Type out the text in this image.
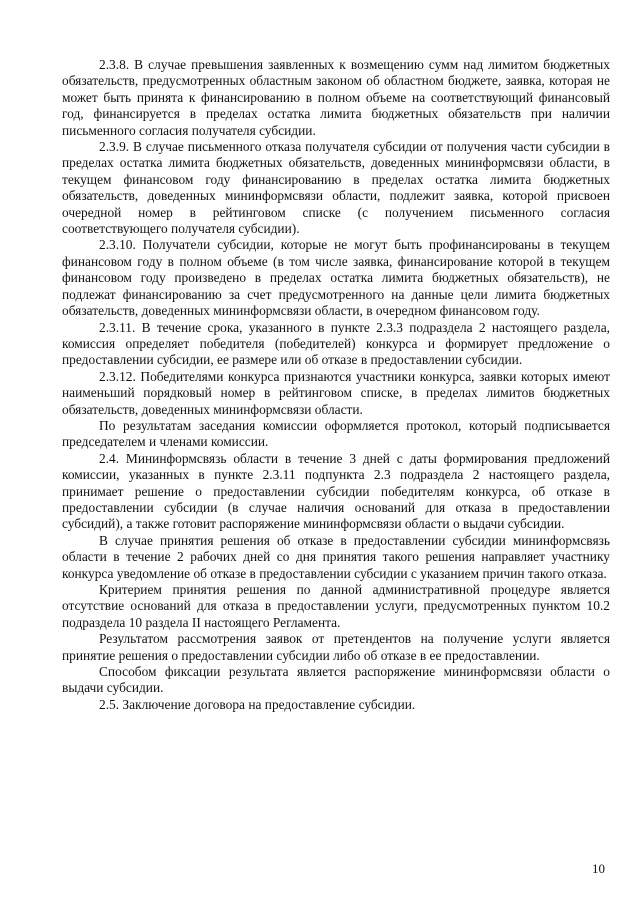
2.3.8. В случае превышения заявленных к возмещению сумм над лимитом бюджетных обязательств, предусмотренных областным законом об областном бюджете, заявка, которая не может быть принята к финансированию в полном объеме на соответствующий финансовый год, финансируется в пределах остатка лимита бюджетных обязательств при наличии письменного согласия получателя субсидии.

2.3.9. В случае письменного отказа получателя субсидии от получения части субсидии в пределах остатка лимита бюджетных обязательств, доведенных мининформсвязи области, в текущем финансовом году финансированию в пределах остатка лимита бюджетных обязательств, доведенных мининформсвязи области, подлежит заявка, которой присвоен очередной номер в рейтинговом списке (с получением письменного согласия соответствующего получателя субсидии).

2.3.10. Получатели субсидии, которые не могут быть профинансированы в текущем финансовом году в полном объеме (в том числе заявка, финансирование которой в текущем финансовом году произведено в пределах остатка лимита бюджетных обязательств), не подлежат финансированию за счет предусмотренного на данные цели лимита бюджетных обязательств, доведенных мининформсвязи области, в очередном финансовом году.

2.3.11. В течение срока, указанного в пункте 2.3.3 подраздела 2 настоящего раздела, комиссия определяет победителя (победителей) конкурса и формирует предложение о предоставлении субсидии, ее размере или об отказе в предоставлении субсидии.

2.3.12. Победителями конкурса признаются участники конкурса, заявки которых имеют наименьший порядковый номер в рейтинговом списке, в пределах лимитов бюджетных обязательств, доведенных мининформсвязи области.

По результатам заседания комиссии оформляется протокол, который подписывается председателем и членами комиссии.

2.4. Мининформсвязь области в течение 3 дней с даты формирования предложений комиссии, указанных в пункте 2.3.11 подпункта 2.3 подраздела 2 настоящего раздела, принимает решение о предоставлении субсидии победителям конкурса, об отказе в предоставлении субсидии (в случае наличия оснований для отказа в предоставлении субсидий), а также готовит распоряжение мининформсвязи области о выдачи субсидии.

В случае принятия решения об отказе в предоставлении субсидии мининформсвязь области в течение 2 рабочих дней со дня принятия такого решения направляет участнику конкурса уведомление об отказе в предоставлении субсидии с указанием причин такого отказа.

Критерием принятия решения по данной административной процедуре является отсутствие оснований для отказа в предоставлении услуги, предусмотренных пунктом 10.2 подраздела 10 раздела II настоящего Регламента.

Результатом рассмотрения заявок от претендентов на получение услуги является принятие решения о предоставлении субсидии либо об отказе в ее предоставлении.

Способом фиксации результата является распоряжение мининформсвязи области о выдачи субсидии.

2.5. Заключение договора на предоставление субсидии.

10
